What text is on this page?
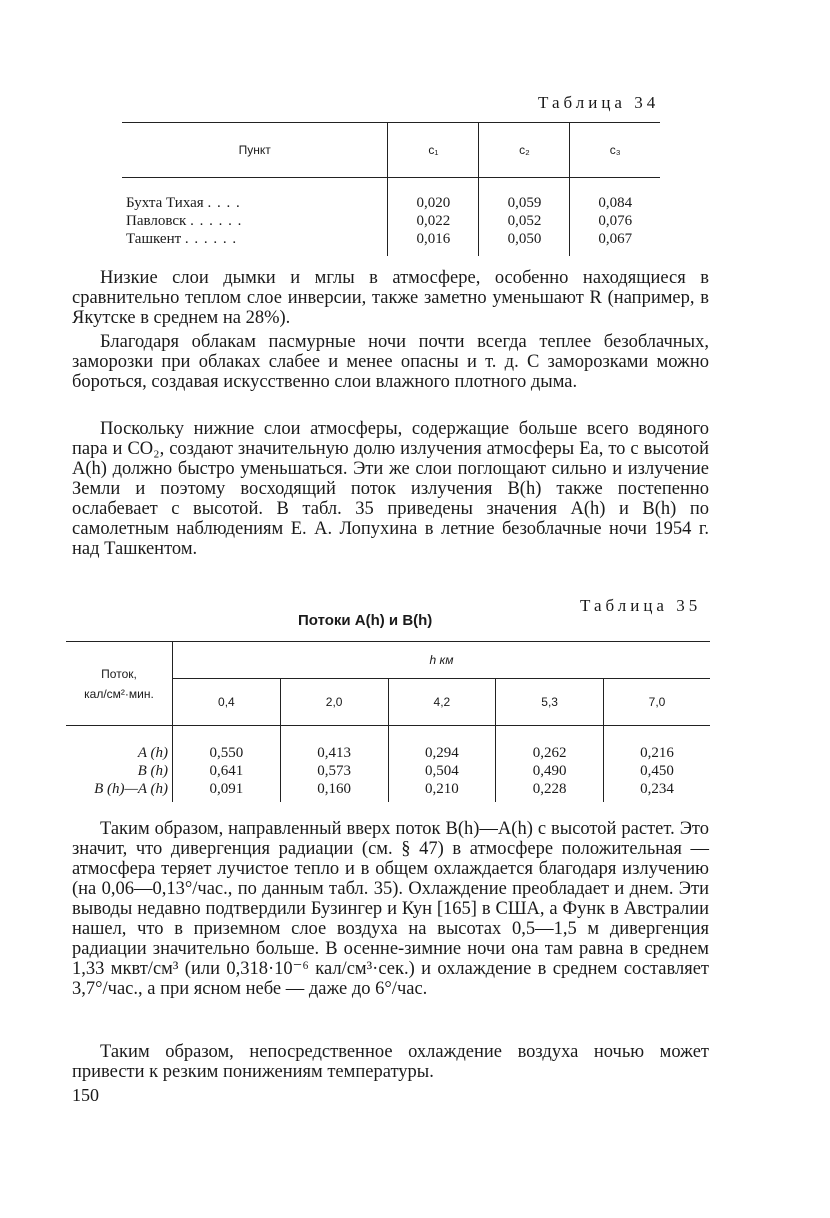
Таблица 34
Пункт	c₁	c₂	c₃
Бухта Тихая . . . .	0,020	0,059	0,084
Павловск . . . . . .	0,022	0,052	0,076
Ташкент . . . . . .	0,016	0,050	0,067

Низкие слои дымки и мглы в атмосфере, особенно находящиеся в сравнительно теплом слое инверсии, также заметно уменьшают R (например, в Якутске в среднем на 28%).

Благодаря облакам пасмурные ночи почти всегда теплее безоблачных, заморозки при облаках слабее и менее опасны и т. д. С заморозками можно бороться, создавая искусственно слои влажного плотного дыма.

Поскольку нижние слои атмосферы, содержащие больше всего водяного пара и CO₂, создают значительную долю излучения атмосферы Eа, то с высотой A(h) должно быстро уменьшаться. Эти же слои поглощают сильно и излучение Земли и поэтому восходящий поток излучения B(h) также постепенно ослабевает с высотой. В табл. 35 приведены значения A(h) и B(h) по самолетным наблюдениям Е. А. Лопухина в летние безоблачные ночи 1954 г. над Ташкентом.

Таблица 35
Потоки A(h) и B(h)
Поток,
кал/см²·мин.	h км				
	0,4	2,0	4,2	5,3	7,0
A (h)	0,550	0,413	0,294	0,262	0,216
B (h)	0,641	0,573	0,504	0,490	0,450
B (h)—A (h)	0,091	0,160	0,210	0,228	0,234

Таким образом, направленный вверх поток B(h)—A(h) с высотой растет. Это значит, что дивергенция радиации (см. § 47) в атмосфере положительная — атмосфера теряет лучистое тепло и в общем охлаждается благодаря излучению (на 0,06—0,13°/час., по данным табл. 35). Охлаждение преобладает и днем. Эти выводы недавно подтвердили Бузингер и Кун [165] в США, а Функ в Австралии нашел, что в приземном слое воздуха на высотах 0,5—1,5 м дивергенция радиации значительно больше. В осенне-зимние ночи она там равна в среднем 1,33 мквт/см³ (или 0,318·10⁻⁶ кал/см³·сек.) и охлаждение в среднем составляет 3,7°/час., а при ясном небе — даже до 6°/час.

Таким образом, непосредственное охлаждение воздуха ночью может привести к резким понижениям температуры.

150
